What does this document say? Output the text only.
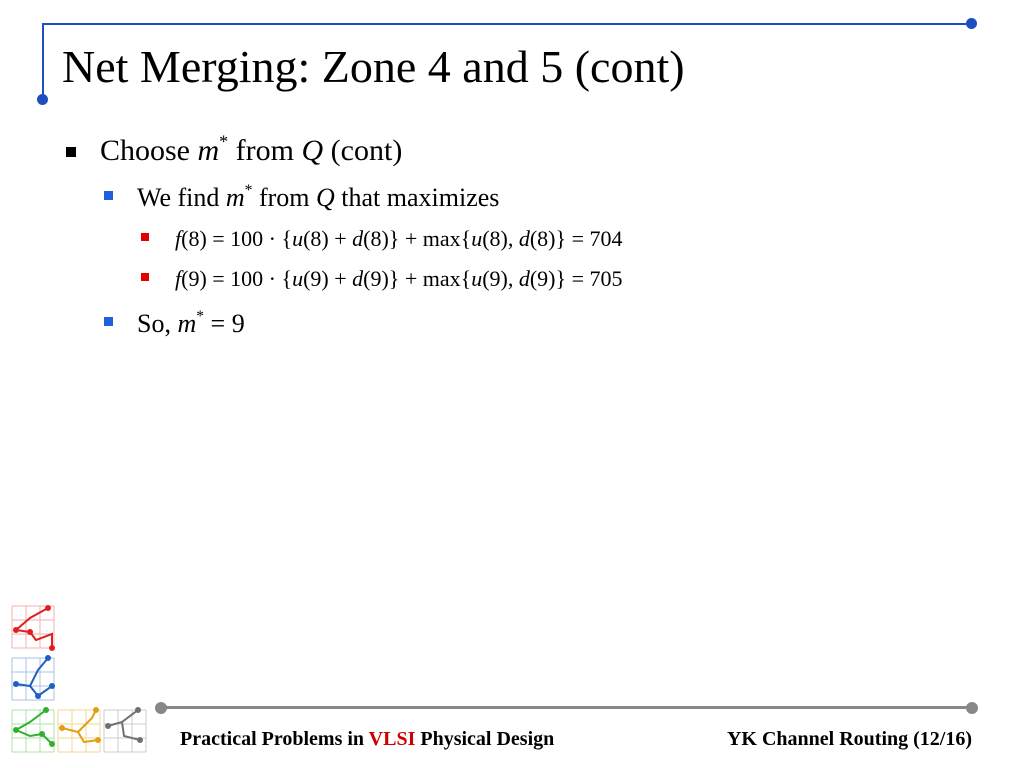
Net Merging: Zone 4 and 5 (cont)
Choose m* from Q (cont)
We find m* from Q that maximizes
f(8) = 100 · {u(8) + d(8)} + max{u(8), d(8)} = 704
f(9) = 100 · {u(9) + d(9)} + max{u(9), d(9)} = 705
So, m* = 9
Practical Problems in VLSI Physical Design	YK Channel Routing (12/16)
